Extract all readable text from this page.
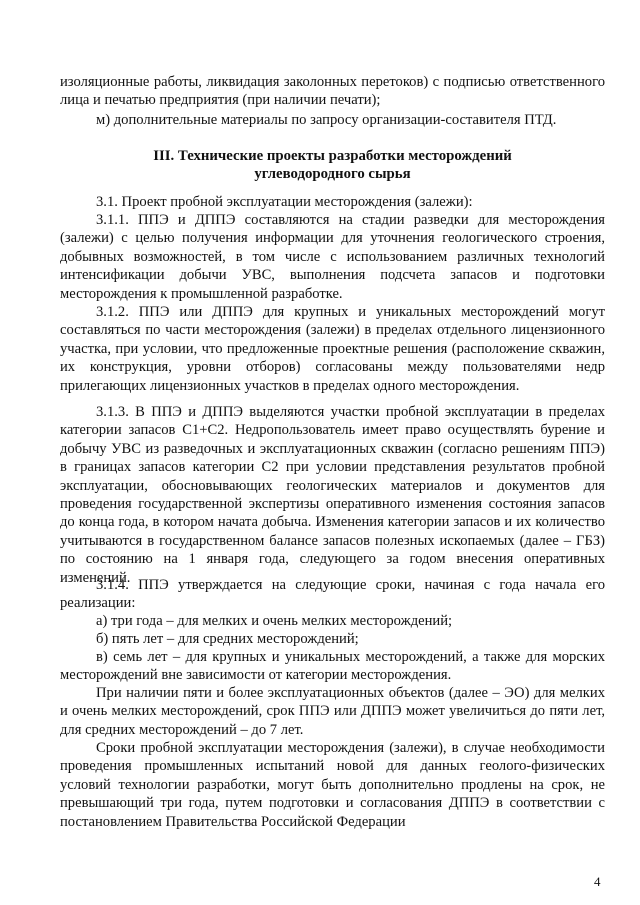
изоляционные работы, ликвидация заколонных перетоков) с подписью ответственного лица и печатью предприятия (при наличии печати);

м) дополнительные материалы по запросу организации-составителя ПТД.

III. Технические проекты разработки месторождений
углеводородного сырья

3.1. Проект пробной эксплуатации месторождения (залежи):

3.1.1. ППЭ и ДППЭ составляются на стадии разведки для месторождения (залежи) с целью получения информации для уточнения геологического строения, добывных возможностей, в том числе с использованием различных технологий интенсификации добычи УВС, выполнения подсчета запасов и подготовки месторождения к промышленной разработке.

3.1.2. ППЭ или ДППЭ для крупных и уникальных месторождений могут составляться по части месторождения (залежи) в пределах отдельного лицензионного участка, при условии, что предложенные проектные решения (расположение скважин, их конструкция, уровни отборов) согласованы между пользователями недр прилегающих лицензионных участков в пределах одного месторождения.

3.1.3. В ППЭ и ДППЭ выделяются участки пробной эксплуатации в пределах категории запасов С1+С2. Недропользователь имеет право осуществлять бурение и добычу УВС из разведочных и эксплуатационных скважин (согласно решениям ППЭ) в границах запасов категории С2 при условии представления результатов пробной эксплуатации, обосновывающих геологических материалов и документов для проведения государственной экспертизы оперативного изменения состояния запасов до конца года, в котором начата добыча. Изменения категории запасов и их количество учитываются в государственном балансе запасов полезных ископаемых (далее – ГБЗ) по состоянию на 1 января года, следующего за годом внесения оперативных изменений.

3.1.4. ППЭ утверждается на следующие сроки, начиная с года начала его реализации:

а) три года – для мелких и очень мелких месторождений;

б) пять лет – для средних месторождений;

в) семь лет – для крупных и уникальных месторождений, а также для морских месторождений вне зависимости от категории месторождения.

При наличии пяти и более эксплуатационных объектов (далее – ЭО) для мелких и очень мелких месторождений, срок ППЭ или ДППЭ может увеличиться до пяти лет, для средних месторождений – до 7 лет.

Сроки пробной эксплуатации месторождения (залежи), в случае необходимости проведения промышленных испытаний новой для данных геолого-физических условий технологии разработки, могут быть дополнительно продлены на срок, не превышающий три года, путем подготовки и согласования ДППЭ в соответствии с постановлением Правительства Российской Федерации

4
